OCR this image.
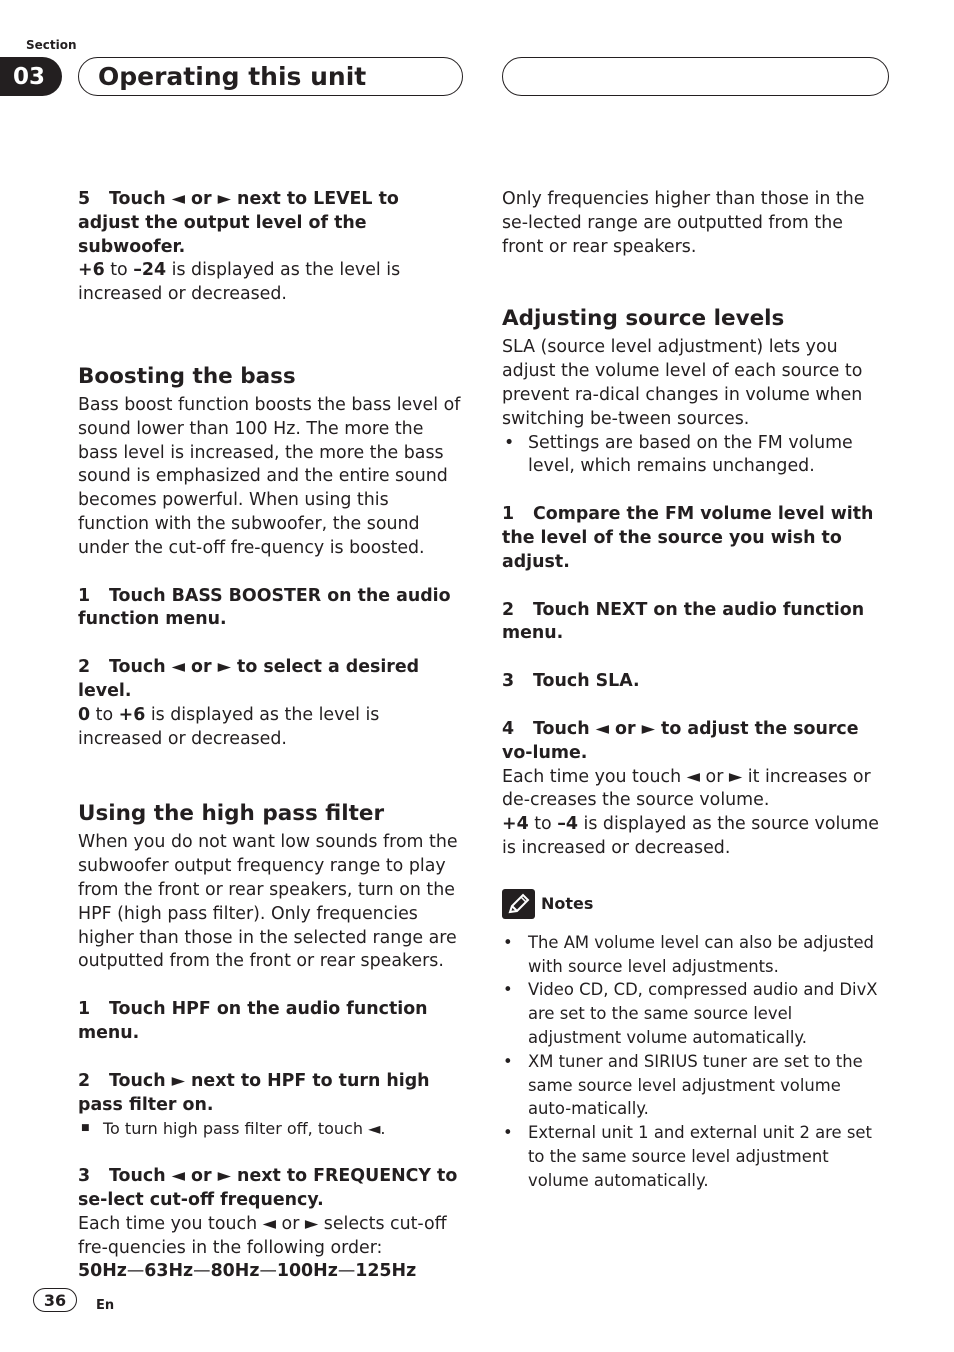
Section
03	Operating this unit

5 Touch ◄ or ► next to LEVEL to adjust the output level of the subwoofer.

+6 to –24 is displayed as the level is increased or decreased.

Boosting the bass

Bass boost function boosts the bass level of sound lower than 100 Hz. The more the bass level is increased, the more the bass sound is emphasized and the entire sound becomes powerful. When using this function with the subwoofer, the sound under the cut-off fre-quency is boosted.

1 Touch BASS BOOSTER on the audio function menu.

2 Touch ◄ or ► to select a desired level.

0 to +6 is displayed as the level is increased or decreased.

Using the high pass filter

When you do not want low sounds from the subwoofer output frequency range to play from the front or rear speakers, turn on the HPF (high pass filter). Only frequencies higher than those in the selected range are outputted from the front or rear speakers.

1 Touch HPF on the audio function menu.

2 Touch ► next to HPF to turn high pass filter on.

■ To turn high pass filter off, touch ◄.

3 Touch ◄ or ► next to FREQUENCY to se-lect cut-off frequency.

Each time you touch ◄ or ► selects cut-off fre-quencies in the following order:

50Hz—63Hz—80Hz—100Hz—125Hz

Only frequencies higher than those in the se-lected range are outputted from the front or rear speakers.

Adjusting source levels

SLA (source level adjustment) lets you adjust the volume level of each source to prevent ra-dical changes in volume when switching be-tween sources.

• Settings are based on the FM volume level, which remains unchanged.

1 Compare the FM volume level with the level of the source you wish to adjust.

2 Touch NEXT on the audio function menu.

3 Touch SLA.

4 Touch ◄ or ► to adjust the source vo-lume.

Each time you touch ◄ or ► it increases or de-creases the source volume.

+4 to –4 is displayed as the source volume is increased or decreased.

Notes
• The AM volume level can also be adjusted with source level adjustments.
• Video CD, CD, compressed audio and DivX are set to the same source level adjustment volume automatically.
• XM tuner and SIRIUS tuner are set to the same source level adjustment volume auto-matically.
• External unit 1 and external unit 2 are set to the same source level adjustment volume automatically.
36	En
